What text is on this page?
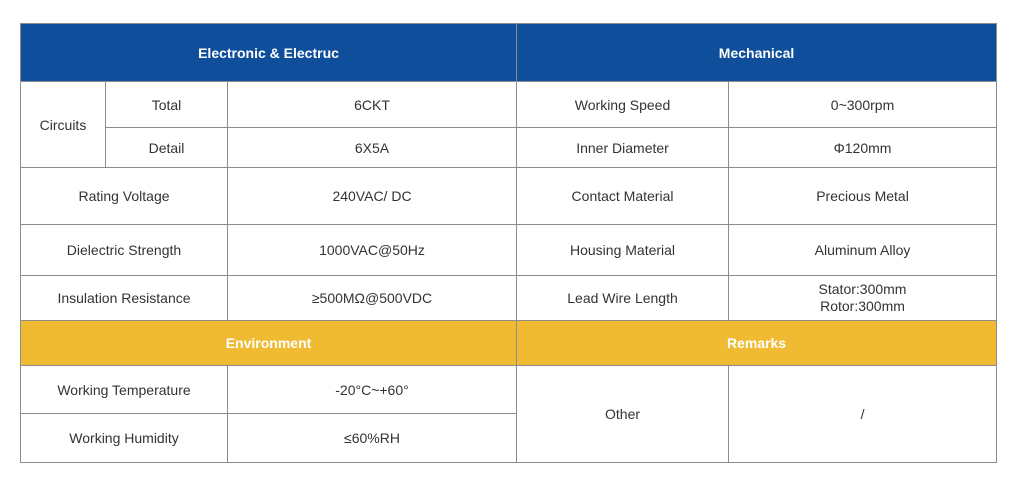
Electronic & Electruc			Mechanical	
Circuits	Total	6CKT	Working Speed	0~300rpm
	Detail	6X5A	Inner Diameter	Φ120mm
Rating Voltage		240VAC/ DC	Contact Material	Precious Metal
Dielectric Strength		1000VAC@50Hz	Housing Material	Aluminum Alloy
Insulation Resistance		≥500MΩ@500VDC	Lead Wire Length	Stator:300mm
Rotor:300mm

Environment			Remarks	
Working Temperature		-20°C~+60°	Other	/
Working Humidity		≤60%RH		
